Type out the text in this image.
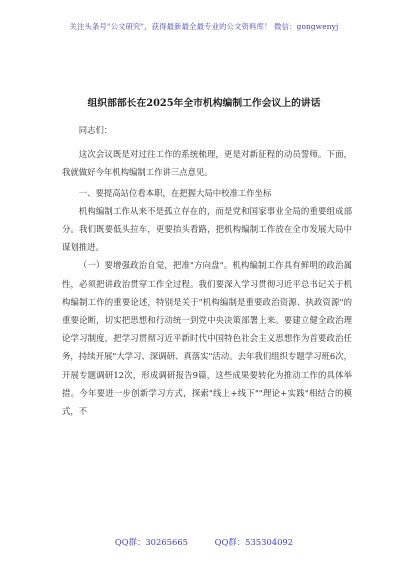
关注头条号"公文研究"，获得最新最全最专业的公文资料库！ 微信：gongwenyj
组织部部长在2025年全市机构编制工作会议上的讲话

同志们：

这次会议既是对过往工作的系统梳理，更是对新征程的动员誓师。下面，我就做好今年机构编制工作讲三点意见。

一、要提高站位看本职，在把握大局中校准工作坐标

机构编制工作从来不是孤立存在的，而是党和国家事业全局的重要组成部分。我们既要低头拉车，更要抬头看路，把机构编制工作放在全市发展大局中谋划推进。

（一）要增强政治自觉，把准"方向盘"。机构编制工作具有鲜明的政治属性，必须把讲政治贯穿工作全过程。我们要深入学习贯彻习近平总书记关于机构编制工作的重要论述，特别是关于"机构编制是重要政治资源、执政资源"的重要论断，切实把思想和行动统一到党中央决策部署上来。要建立健全政治理论学习制度，把学习贯彻习近平新时代中国特色社会主义思想作为首要政治任务，持续开展"大学习、深调研、真落实"活动。去年我们组织专题学习班6次，开展专题调研12次，形成调研报告9篇，这些成果要转化为推动工作的具体举措。今年要进一步创新学习方式，探索"线上+线下""理论+实践"相结合的模式，不

QQ群：30265665	QQ群：535304092
